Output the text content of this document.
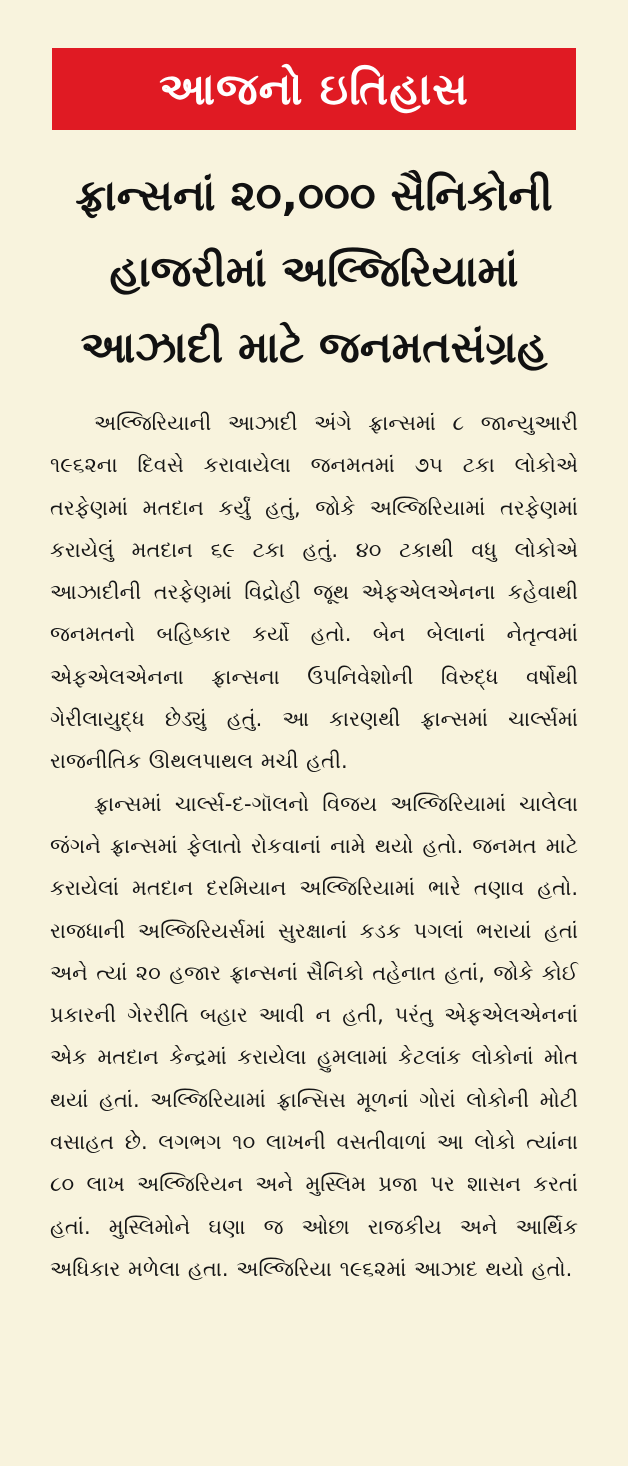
આજનો ઇતિહાસ
ફ્રાન્સનાં ૨૦,૦૦૦ સૈનિકોની
હાજરીમાં અલ્જિરિયામાં
આઝાદી માટે જનમતસંગ્રહ

અલ્જિરિયાની આઝાદી અંગે ફ્રાન્સમાં ૮ જાન્યુઆરી ૧૯૬૨ના દિવસે કરાવાયેલા જનમતમાં ૭૫ ટકા લોકોએ તરફેણમાં મતદાન કર્યું હતું, જોકે અલ્જિરિયામાં તરફેણમાં કરાયેલું મતદાન ૬૯ ટકા હતું. ૪૦ ટકાથી વધુ લોકોએ આઝાદીની તરફેણમાં વિદ્રોહી જૂથ એફએલએનના કહેવાથી જનમતનો બહિષ્કાર કર્યો હતો. બેન બેલાનાં નેતૃત્વમાં એફએલએનના ફ્રાન્સના ઉપનિવેશોની વિરુદ્ધ વર્ષોથી ગેરીલાયુદ્ધ છેડ્યું હતું. આ કારણથી ફ્રાન્સમાં ચાર્લ્સમાં રાજનીતિક ઊથલપાથલ મચી હતી.

ફ્રાન્સમાં ચાર્લ્સ-દ-ગૉલનો વિજય અલ્જિરિયામાં ચાલેલા જંગને ફ્રાન્સમાં ફેલાતો રોકવાનાં નામે થયો હતો. જનમત માટે કરાયેલાં મતદાન દરમિયાન અલ્જિરિયામાં ભારે તણાવ હતો. રાજધાની અલ્જિરિયર્સમાં સુરક્ષાનાં કડક પગલાં ભરાયાં હતાં અને ત્યાં ૨૦ હજાર ફ્રાન્સનાં સૈનિકો તહેનાત હતાં, જોકે કોઈ પ્રકારની ગેરરીતિ બહાર આવી ન હતી, પરંતુ એફએલએનનાં એક મતદાન કેન્દ્રમાં કરાયેલા હુમલામાં કેટલાંક લોકોનાં મોત થયાં હતાં. અલ્જિરિયામાં ફ્રાન્સિસ મૂળનાં ગોરાં લોકોની મોટી વસાહત છે. લગભગ ૧૦ લાખની વસતીવાળાં આ લોકો ત્યાંના ૮૦ લાખ અલ્જિરિયન અને મુસ્લિમ પ્રજા પર શાસન કરતાં હતાં. મુસ્લિમોને ઘણા જ ઓછા રાજકીય અને આર્થિક અધિકાર મળેલા હતા. અલ્જિરિયા ૧૯૬૨માં આઝાદ થયો હતો.
